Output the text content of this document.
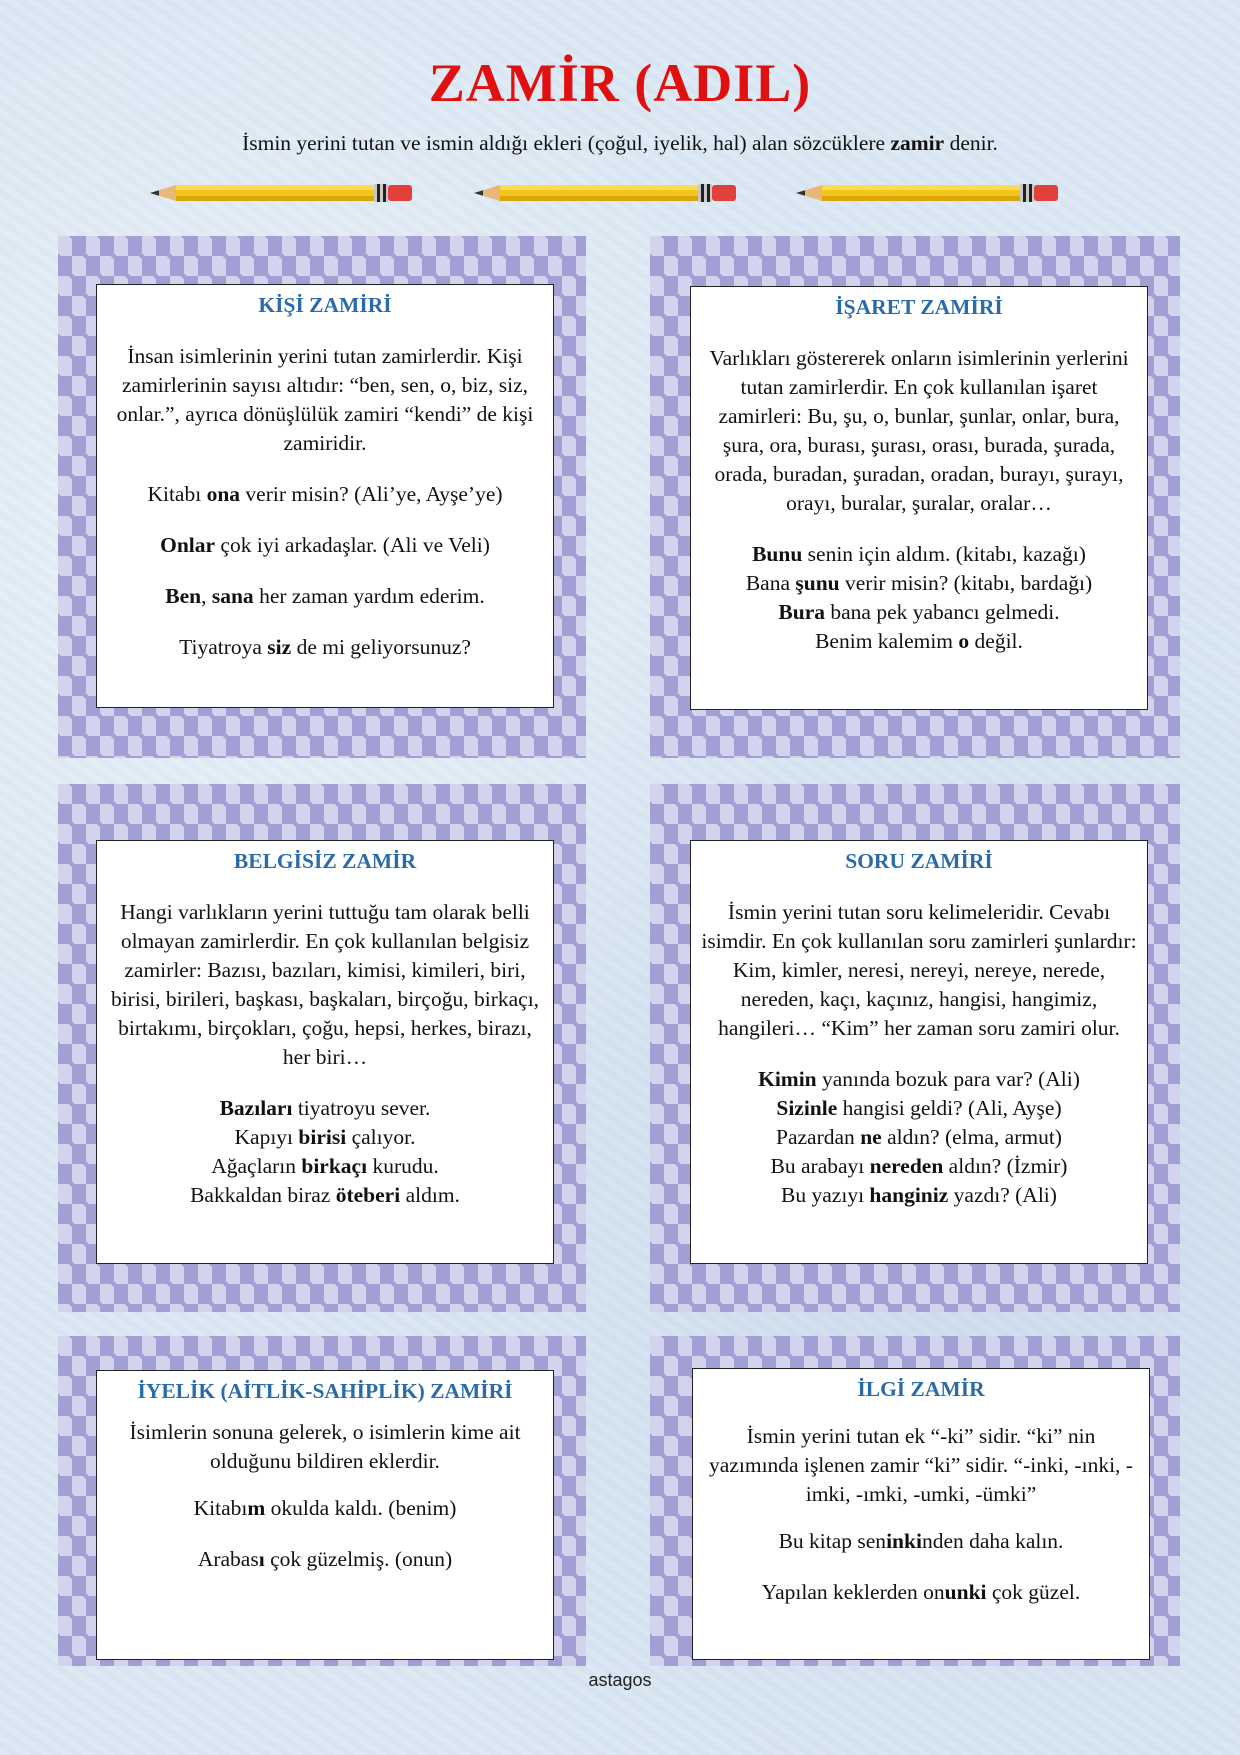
ZAMİR (ADIL)
İsmin yerini tutan ve ismin aldığı ekleri (çoğul, iyelik, hal) alan sözcüklere zamir denir.
KİŞİ ZAMİRİ

İnsan isimlerinin yerini tutan zamirlerdir. Kişi zamirlerinin sayısı altıdır: “ben, sen, o, biz, siz, onlar.”, ayrıca dönüşlülük zamiri “kendi” de kişi zamiridir.

Kitabı ona verir misin? (Ali’ye, Ayşe’ye)

Onlar çok iyi arkadaşlar. (Ali ve Veli)

Ben, sana her zaman yardım ederim.

Tiyatroya siz de mi geliyorsunuz?

İŞARET ZAMİRİ

Varlıkları göstererek onların isimlerinin yerlerini tutan zamirlerdir. En çok kullanılan işaret zamirleri: Bu, şu, o, bunlar, şunlar, onlar, bura, şura, ora, burası, şurası, orası, burada, şurada, orada, buradan, şuradan, oradan, burayı, şurayı, orayı, buralar, şuralar, oralar…

Bunu senin için aldım. (kitabı, kazağı)

Bana şunu verir misin? (kitabı, bardağı)

Bura bana pek yabancı gelmedi.

Benim kalemim o değil.

BELGİSİZ ZAMİR

Hangi varlıkların yerini tuttuğu tam olarak belli olmayan zamirlerdir. En çok kullanılan belgisiz zamirler: Bazısı, bazıları, kimisi, kimileri, biri, birisi, birileri, başkası, başkaları, birçoğu, birkaçı, birtakımı, birçokları, çoğu, hepsi, herkes, birazı, her biri…

Bazıları tiyatroyu sever.

Kapıyı birisi çalıyor.

Ağaçların birkaçı kurudu.

Bakkaldan biraz öteberi aldım.

SORU ZAMİRİ

İsmin yerini tutan soru kelimeleridir. Cevabı isimdir. En çok kullanılan soru zamirleri şunlardır: Kim, kimler, neresi, nereyi, nereye, nerede, nereden, kaçı, kaçınız, hangisi, hangimiz, hangileri… “Kim” her zaman soru zamiri olur.

Kimin yanında bozuk para var? (Ali)

Sizinle hangisi geldi? (Ali, Ayşe)

Pazardan ne aldın? (elma, armut)

Bu arabayı nereden aldın? (İzmir)

Bu yazıyı hanginiz yazdı? (Ali)

İYELİK (AİTLİK-SAHİPLİK) ZAMİRİ

İsimlerin sonuna gelerek, o isimlerin kime ait olduğunu bildiren eklerdir.

Kitabım okulda kaldı. (benim)

Arabası çok güzelmiş. (onun)

İLGİ ZAMİR

İsmin yerini tutan ek “-ki” sidir. “ki” nin yazımında işlenen zamir “ki” sidir. “-inki, -ınki, -imki, -ımki, -umki, -ümki”

Bu kitap seninkinden daha kalın.

Yapılan keklerden onunki çok güzel.

astagos
